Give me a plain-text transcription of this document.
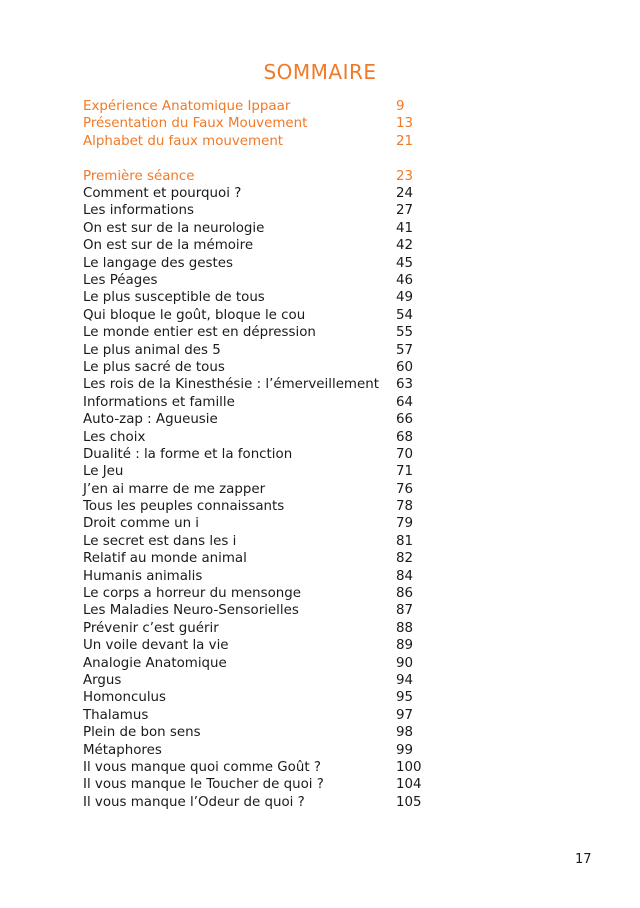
SOMMAIRE
Expérience Anatomique Ippaar	9
Présentation du Faux Mouvement	13
Alphabet du faux mouvement	21
Première séance	23
Comment et pourquoi ?	24
Les informations	27
On est sur de la neurologie	41
On est sur de la mémoire	42
Le langage des gestes	45
Les Péages	46
Le plus susceptible de tous	49
Qui bloque le goût, bloque le cou	54
Le monde entier est en dépression	55
Le plus animal des 5	57
Le plus sacré de tous	60
Les rois de la Kinesthésie : l’émerveillement 63
Informations et famille	64
Auto-zap : Agueusie	66
Les choix	68
Dualité : la forme et la fonction	70
Le Jeu	71
J’en ai marre de me zapper	76
Tous les peuples connaissants	78
Droit comme un i	79
Le secret est dans les i	81
Relatif au monde animal	82
Humanis animalis	84
Le corps a horreur du mensonge	86
Les Maladies Neuro-Sensorielles	87
Prévenir c’est guérir	88
Un voile devant la vie	89
Analogie Anatomique	90
Argus	94
Homonculus	95
Thalamus	97
Plein de bon sens	98
Métaphores	99
Il vous manque quoi comme Goût ?	100
Il vous manque le Toucher de quoi ?	104
Il vous manque l’Odeur de quoi ?	105
17
